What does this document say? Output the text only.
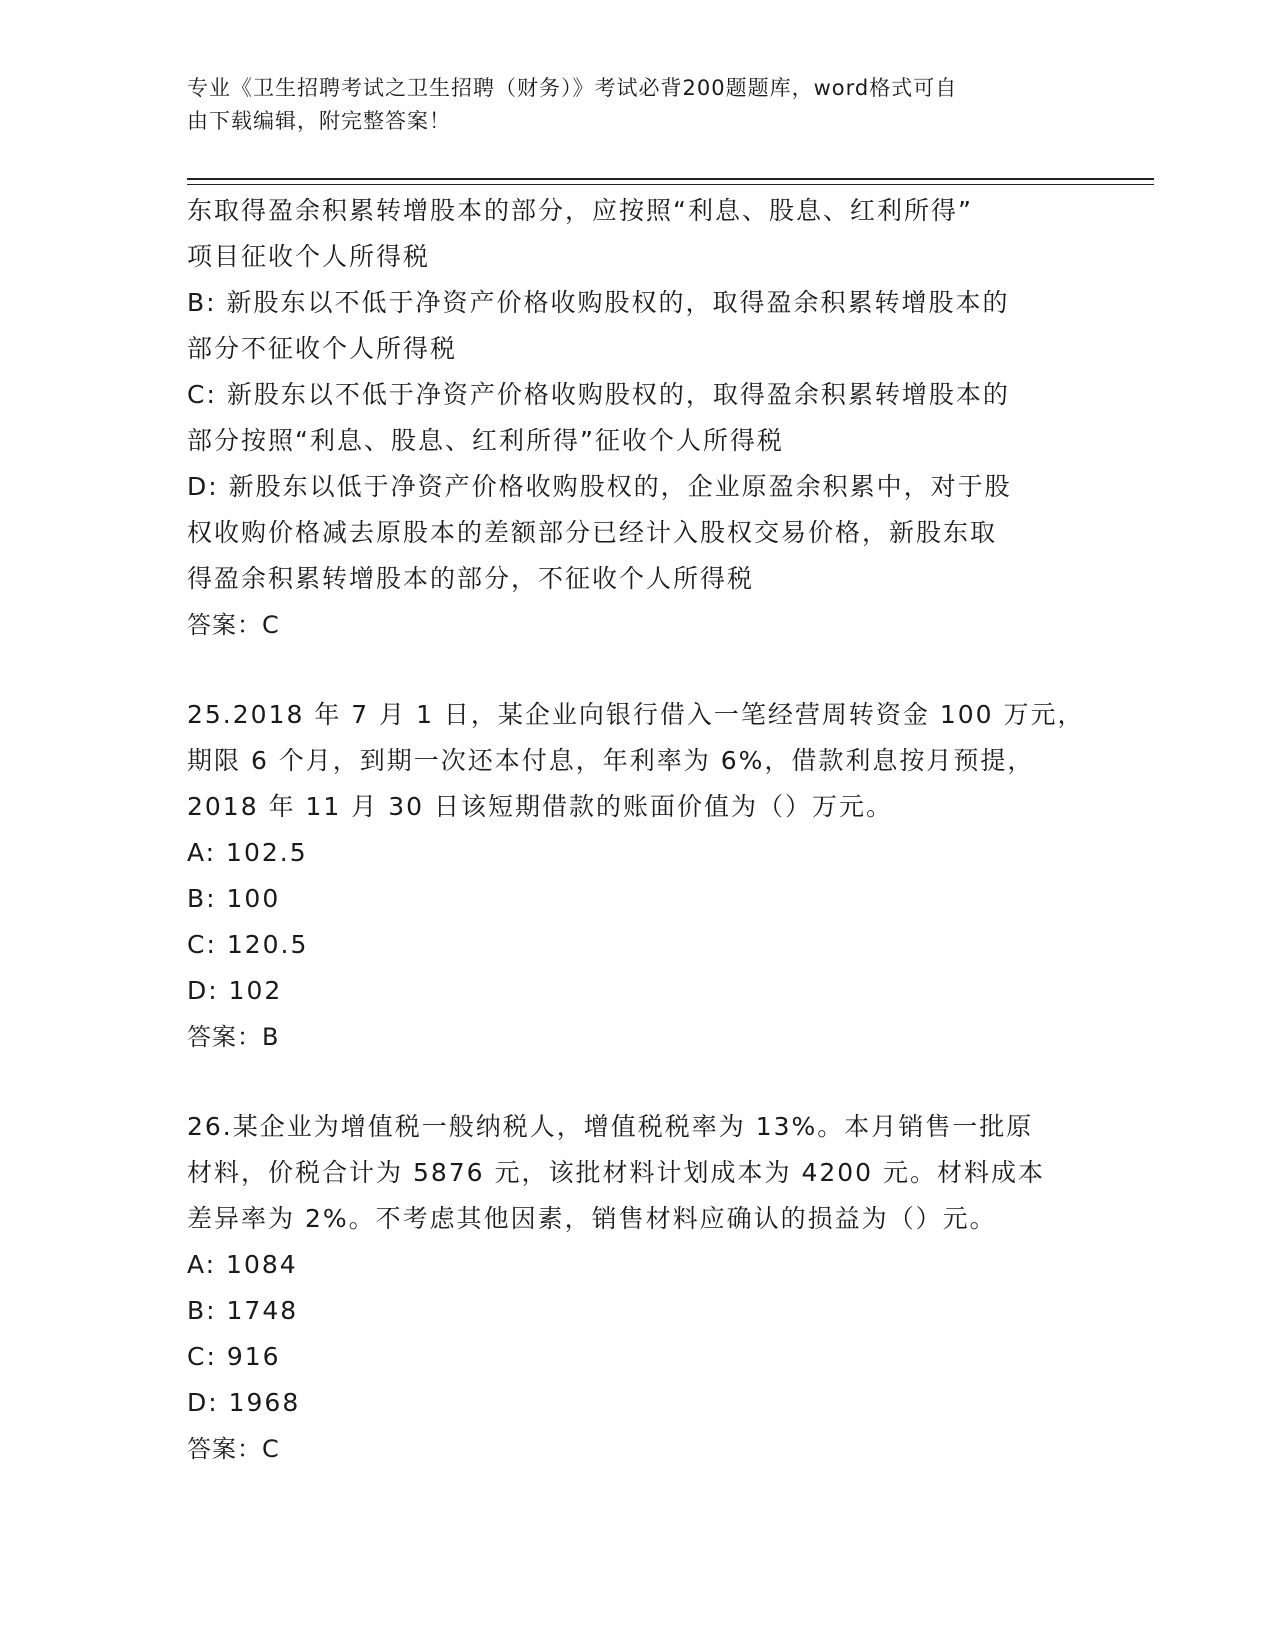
专业《卫生招聘考试之卫生招聘（财务）》考试必背200题题库，word格式可自
由下载编辑，附完整答案！
东取得盈余积累转增股本的部分，应按照“利息、股息、红利所得”
项目征收个人所得税
B: 新股东以不低于净资产价格收购股权的，取得盈余积累转增股本的
部分不征收个人所得税
C: 新股东以不低于净资产价格收购股权的，取得盈余积累转增股本的
部分按照“利息、股息、红利所得”征收个人所得税
D: 新股东以低于净资产价格收购股权的，企业原盈余积累中，对于股
权收购价格减去原股本的差额部分已经计入股权交易价格，新股东取
得盈余积累转增股本的部分，不征收个人所得税
答案：C
25.2018 年 7 月 1 日，某企业向银行借入一笔经营周转资金 100 万元，
期限 6 个月，到期一次还本付息，年利率为 6%，借款利息按月预提，
2018 年 11 月 30 日该短期借款的账面价值为（）万元。
A: 102.5
B: 100
C: 120.5
D: 102
答案：B
26.某企业为增值税一般纳税人，增值税税率为 13%。本月销售一批原
材料，价税合计为 5876 元，该批材料计划成本为 4200 元。材料成本
差异率为 2%。不考虑其他因素，销售材料应确认的损益为（）元。
A: 1084
B: 1748
C: 916
D: 1968
答案：C
